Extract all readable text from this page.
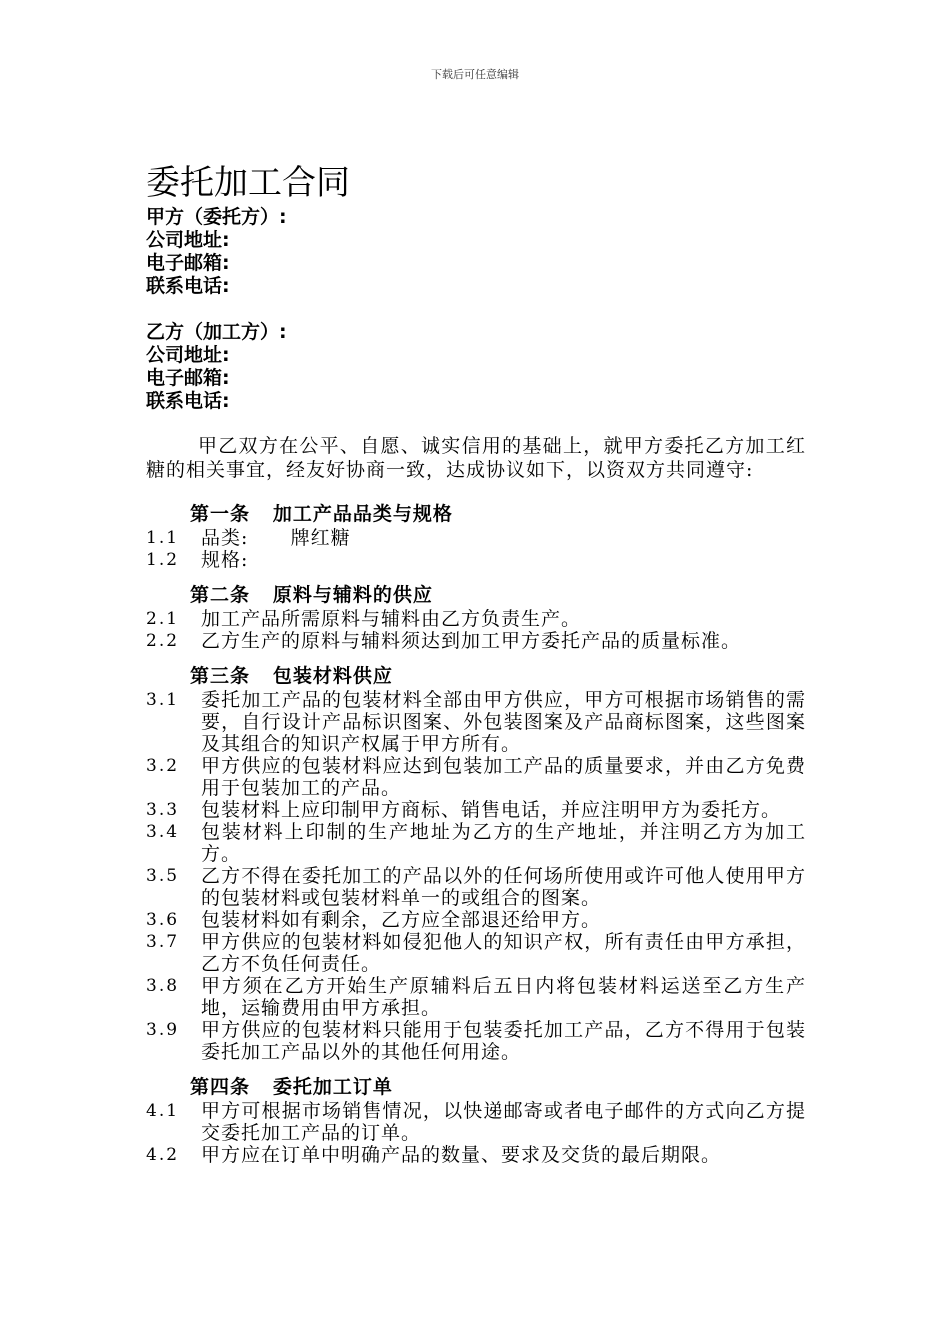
下载后可任意编辑
委托加工合同
甲方（委托方）:
公司地址:
电子邮箱:
联系电话:
乙方（加工方）:
公司地址:
电子邮箱:
联系电话:

甲乙双方在公平、自愿、诚实信用的基础上，就甲方委托乙方加工红糖的相关事宜，经友好协商一致，达成协议如下，以资双方共同遵守:

第一条   加工产品品类与规格
1.1 品类:      牌红糖
1.2 规格:
第二条   原料与辅料的供应
2.1 加工产品所需原料与辅料由乙方负责生产。
2.2 乙方生产的原料与辅料须达到加工甲方委托产品的质量标准。
第三条   包装材料供应
3.1 委托加工产品的包装材料全部由甲方供应，甲方可根据市场销售的需要，自行设计产品标识图案、外包装图案及产品商标图案，这些图案及其组合的知识产权属于甲方所有。
3.2 甲方供应的包装材料应达到包装加工产品的质量要求，并由乙方免费用于包装加工的产品。
3.3 包装材料上应印制甲方商标、销售电话，并应注明甲方为委托方。
3.4 包装材料上印制的生产地址为乙方的生产地址，并注明乙方为加工方。
3.5 乙方不得在委托加工的产品以外的任何场所使用或许可他人使用甲方的包装材料或包装材料单一的或组合的图案。
3.6 包装材料如有剩余，乙方应全部退还给甲方。
3.7 甲方供应的包装材料如侵犯他人的知识产权，所有责任由甲方承担，乙方不负任何责任。
3.8 甲方须在乙方开始生产原辅料后五日内将包装材料运送至乙方生产地，运输费用由甲方承担。
3.9 甲方供应的包装材料只能用于包装委托加工产品，乙方不得用于包装委托加工产品以外的其他任何用途。
第四条   委托加工订单
4.1 甲方可根据市场销售情况，以快递邮寄或者电子邮件的方式向乙方提交委托加工产品的订单。
4.2 甲方应在订单中明确产品的数量、要求及交货的最后期限。
